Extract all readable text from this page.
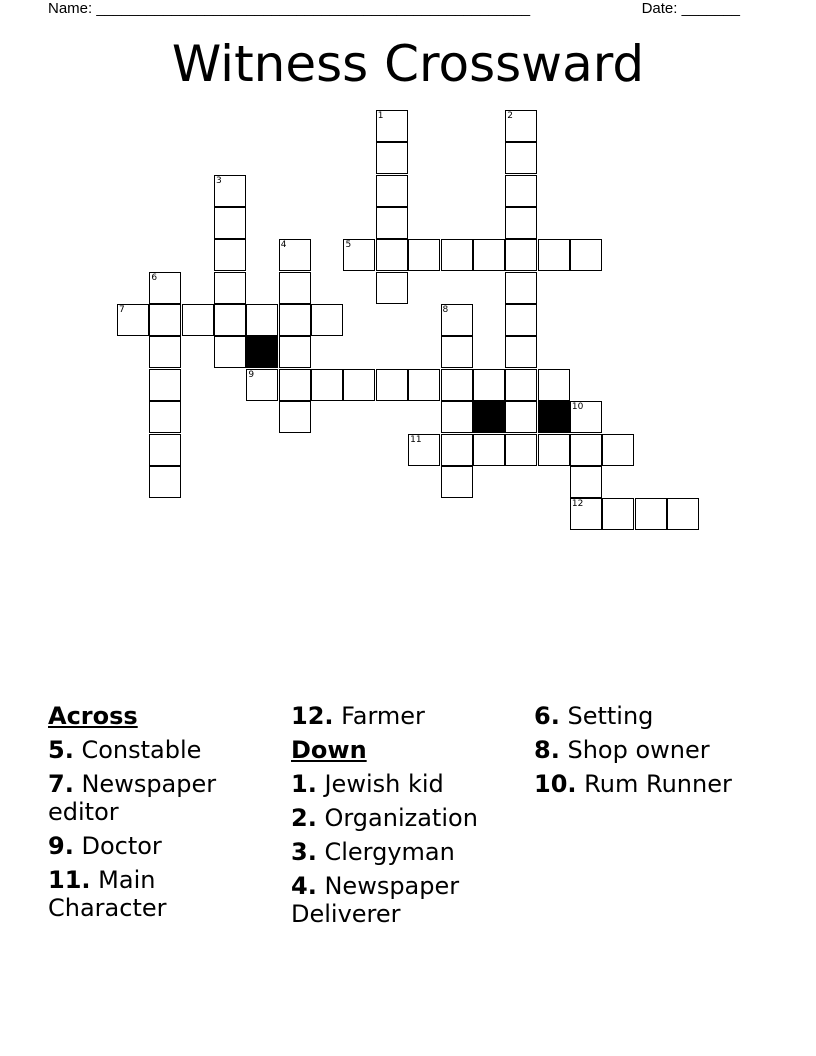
Name: ____________________________________________________	Date: _______
Witness Crossward
1	2
3
4	5
6
7	8
9
10
11
12
Across
5. Constable
7. Newspaper editor
9. Doctor
11. Main Character
12. Farmer
Down
1. Jewish kid
2. Organization
3. Clergyman
4. Newspaper Deliverer
6. Setting
8. Shop owner
10. Rum Runner
